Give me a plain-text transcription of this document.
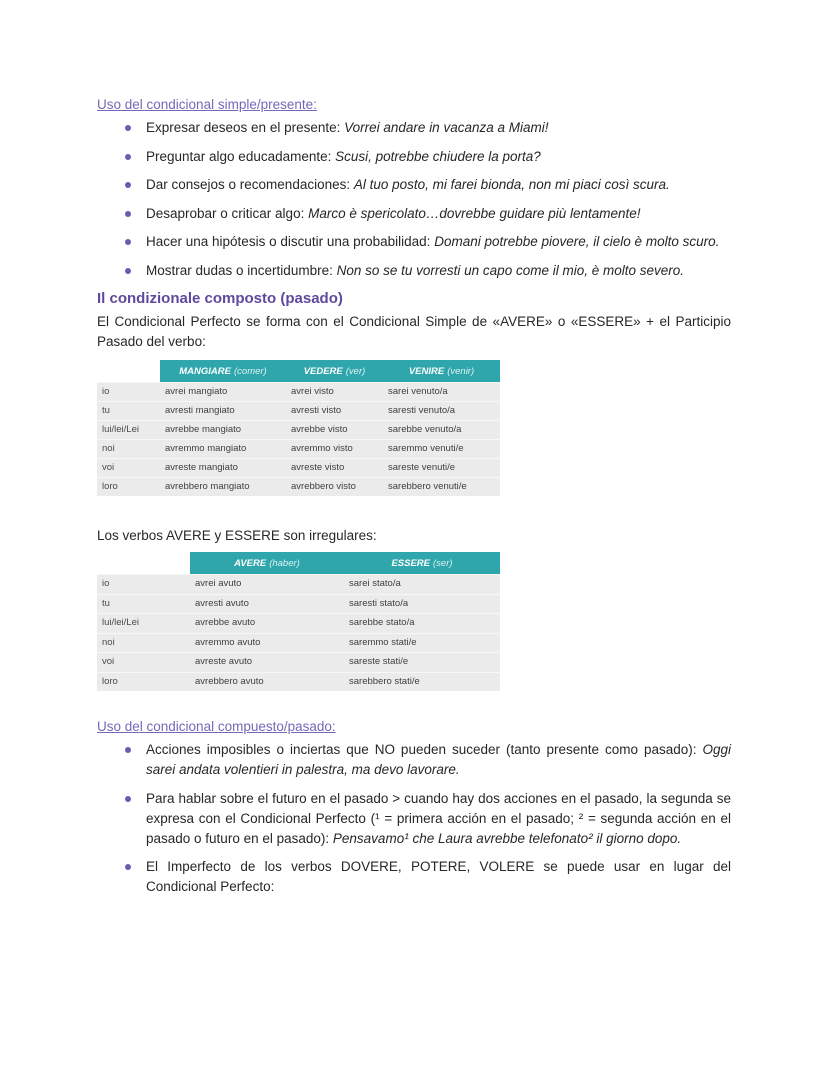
Uso del condicional simple/presente:
Expresar deseos en el presente: Vorrei andare in vacanza a Miami!
Preguntar algo educadamente: Scusi, potrebbe chiudere la porta?
Dar consejos o recomendaciones: Al tuo posto, mi farei bionda, non mi piaci così scura.
Desaprobar o criticar algo: Marco è spericolato…dovrebbe guidare più lentamente!
Hacer una hipótesis o discutir una probabilidad: Domani potrebbe piovere, il cielo è molto scuro.
Mostrar dudas o incertidumbre: Non so se tu vorresti un capo come il mio, è molto severo.
Il condizionale composto (pasado)
El Condicional Perfecto se forma con el Condicional Simple de «AVERE» o «ESSERE» + el Participio Pasado del verbo:
MANGIARE (comer)	VEDERE (ver)	VENIRE (venir)
io	avrei mangiato	avrei visto	sarei venuto/a
tu	avresti mangiato	avresti visto	saresti venuto/a
lui/lei/Lei	avrebbe mangiato	avrebbe visto	sarebbe venuto/a
noi	avremmo mangiato	avremmo visto	saremmo venuti/e
voi	avreste mangiato	avreste visto	sareste venuti/e
loro	avrebbero mangiato	avrebbero visto	sarebbero venuti/e
Los verbos AVERE y ESSERE son irregulares:
AVERE (haber)	ESSERE (ser)
io	avrei avuto	sarei stato/a
tu	avresti avuto	saresti stato/a
lui/lei/Lei	avrebbe avuto	sarebbe stato/a
noi	avremmo avuto	saremmo stati/e
voi	avreste avuto	sareste stati/e
loro	avrebbero avuto	sarebbero stati/e
Uso del condicional compuesto/pasado:
Acciones imposibles o inciertas que NO pueden suceder (tanto presente como pasado): Oggi sarei andata volentieri in palestra, ma devo lavorare.
Para hablar sobre el futuro en el pasado > cuando hay dos acciones en el pasado, la segunda se expresa con el Condicional Perfecto (¹ = primera acción en el pasado; ² = segunda acción en el pasado o futuro en el pasado): Pensavamo¹ che Laura avrebbe telefonato² il giorno dopo.
El Imperfecto de los verbos DOVERE, POTERE, VOLERE se puede usar en lugar del Condicional Perfecto:
